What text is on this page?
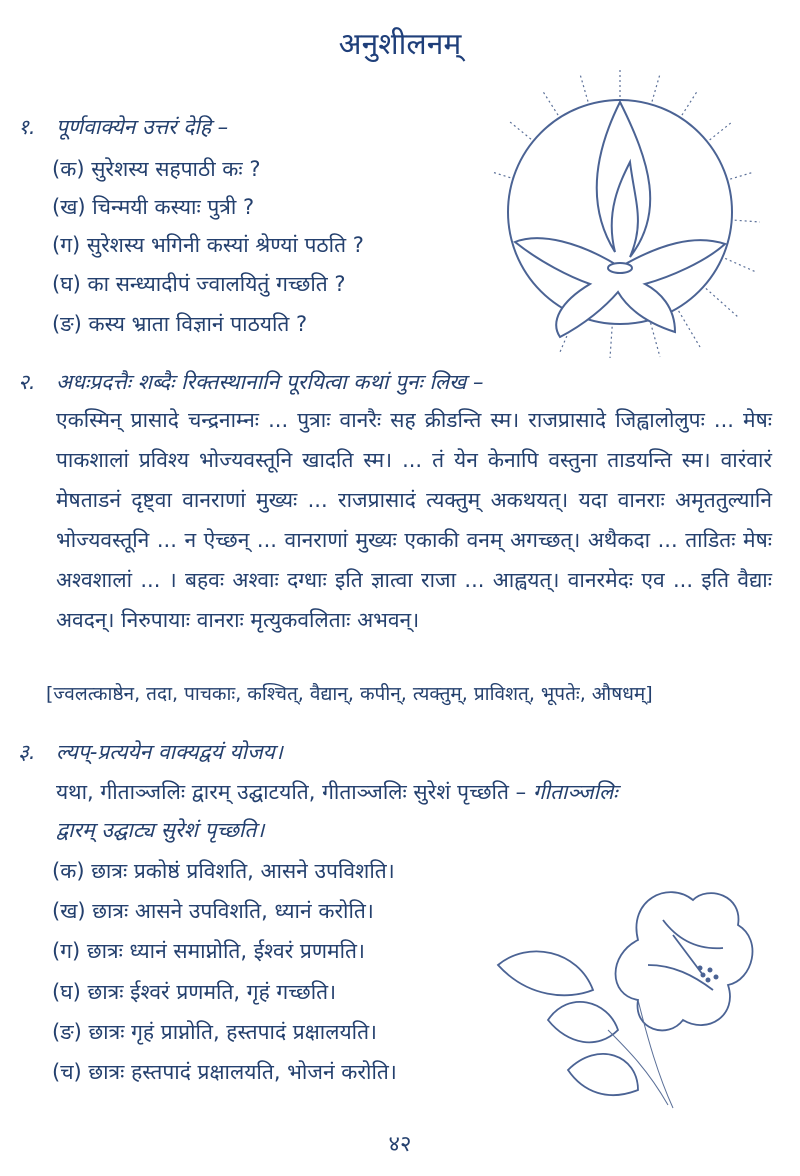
अनुशीलनम्
१. पूर्णवाक्येन उत्तरं देहि –
(क) सुरेशस्य सहपाठी कः ?
(ख) चिन्मयी कस्याः पुत्री ?
(ग) सुरेशस्य भगिनी कस्यां श्रेण्यां पठति ?
(घ) का सन्ध्यादीपं ज्वालयितुं गच्छति ?
(ङ) कस्य भ्राता विज्ञानं पाठयति ?
२. अधःप्रदत्तैः शब्दैः रिक्तस्थानानि पूरयित्वा कथां पुनः लिख –
एकस्मिन् प्रासादे चन्द्रनाम्नः ... पुत्राः वानरैः सह क्रीडन्ति स्म। राजप्रासादे जिह्वालोलुपः ... मेषः पाकशालां प्रविश्य भोज्यवस्तूनि खादति स्म। ... तं येन केनापि वस्तुना ताडयन्ति स्म। वारंवारं मेषताडनं दृष्ट्वा वानराणां मुख्यः ... राजप्रासादं त्यक्तुम् अकथयत्। यदा वानराः अमृततुल्यानि भोज्यवस्तूनि ... न ऐच्छन् ... वानराणां मुख्यः एकाकी वनम् अगच्छत्। अथैकदा ... ताडितः मेषः अश्वशालां ... । बहवः अश्वाः दग्धाः इति ज्ञात्वा राजा ... आह्वयत्। वानरमेदः एव ... इति वैद्याः अवदन्। निरुपायाः वानराः मृत्युकवलिताः अभवन्।
[ज्वलत्काष्ठेन, तदा, पाचकाः, कश्चित्, वैद्यान्, कपीन्, त्यक्तुम्, प्राविशत्, भूपतेः, औषधम्]
३. ल्यप्-प्रत्ययेन वाक्यद्वयं योजय।
यथा, गीताञ्जलिः द्वारम् उद्घाटयति, गीताञ्जलिः सुरेशं पृच्छति – गीताञ्जलिः
द्वारम् उद्घाट्य सुरेशं पृच्छति।
(क) छात्रः प्रकोष्ठं प्रविशति, आसने उपविशति।
(ख) छात्रः आसने उपविशति, ध्यानं करोति।
(ग) छात्रः ध्यानं समाप्नोति, ईश्वरं प्रणमति।
(घ) छात्रः ईश्वरं प्रणमति, गृहं गच्छति।
(ङ) छात्रः गृहं प्राप्नोति, हस्तपादं प्रक्षालयति।
(च) छात्रः हस्तपादं प्रक्षालयति, भोजनं करोति।
४२
